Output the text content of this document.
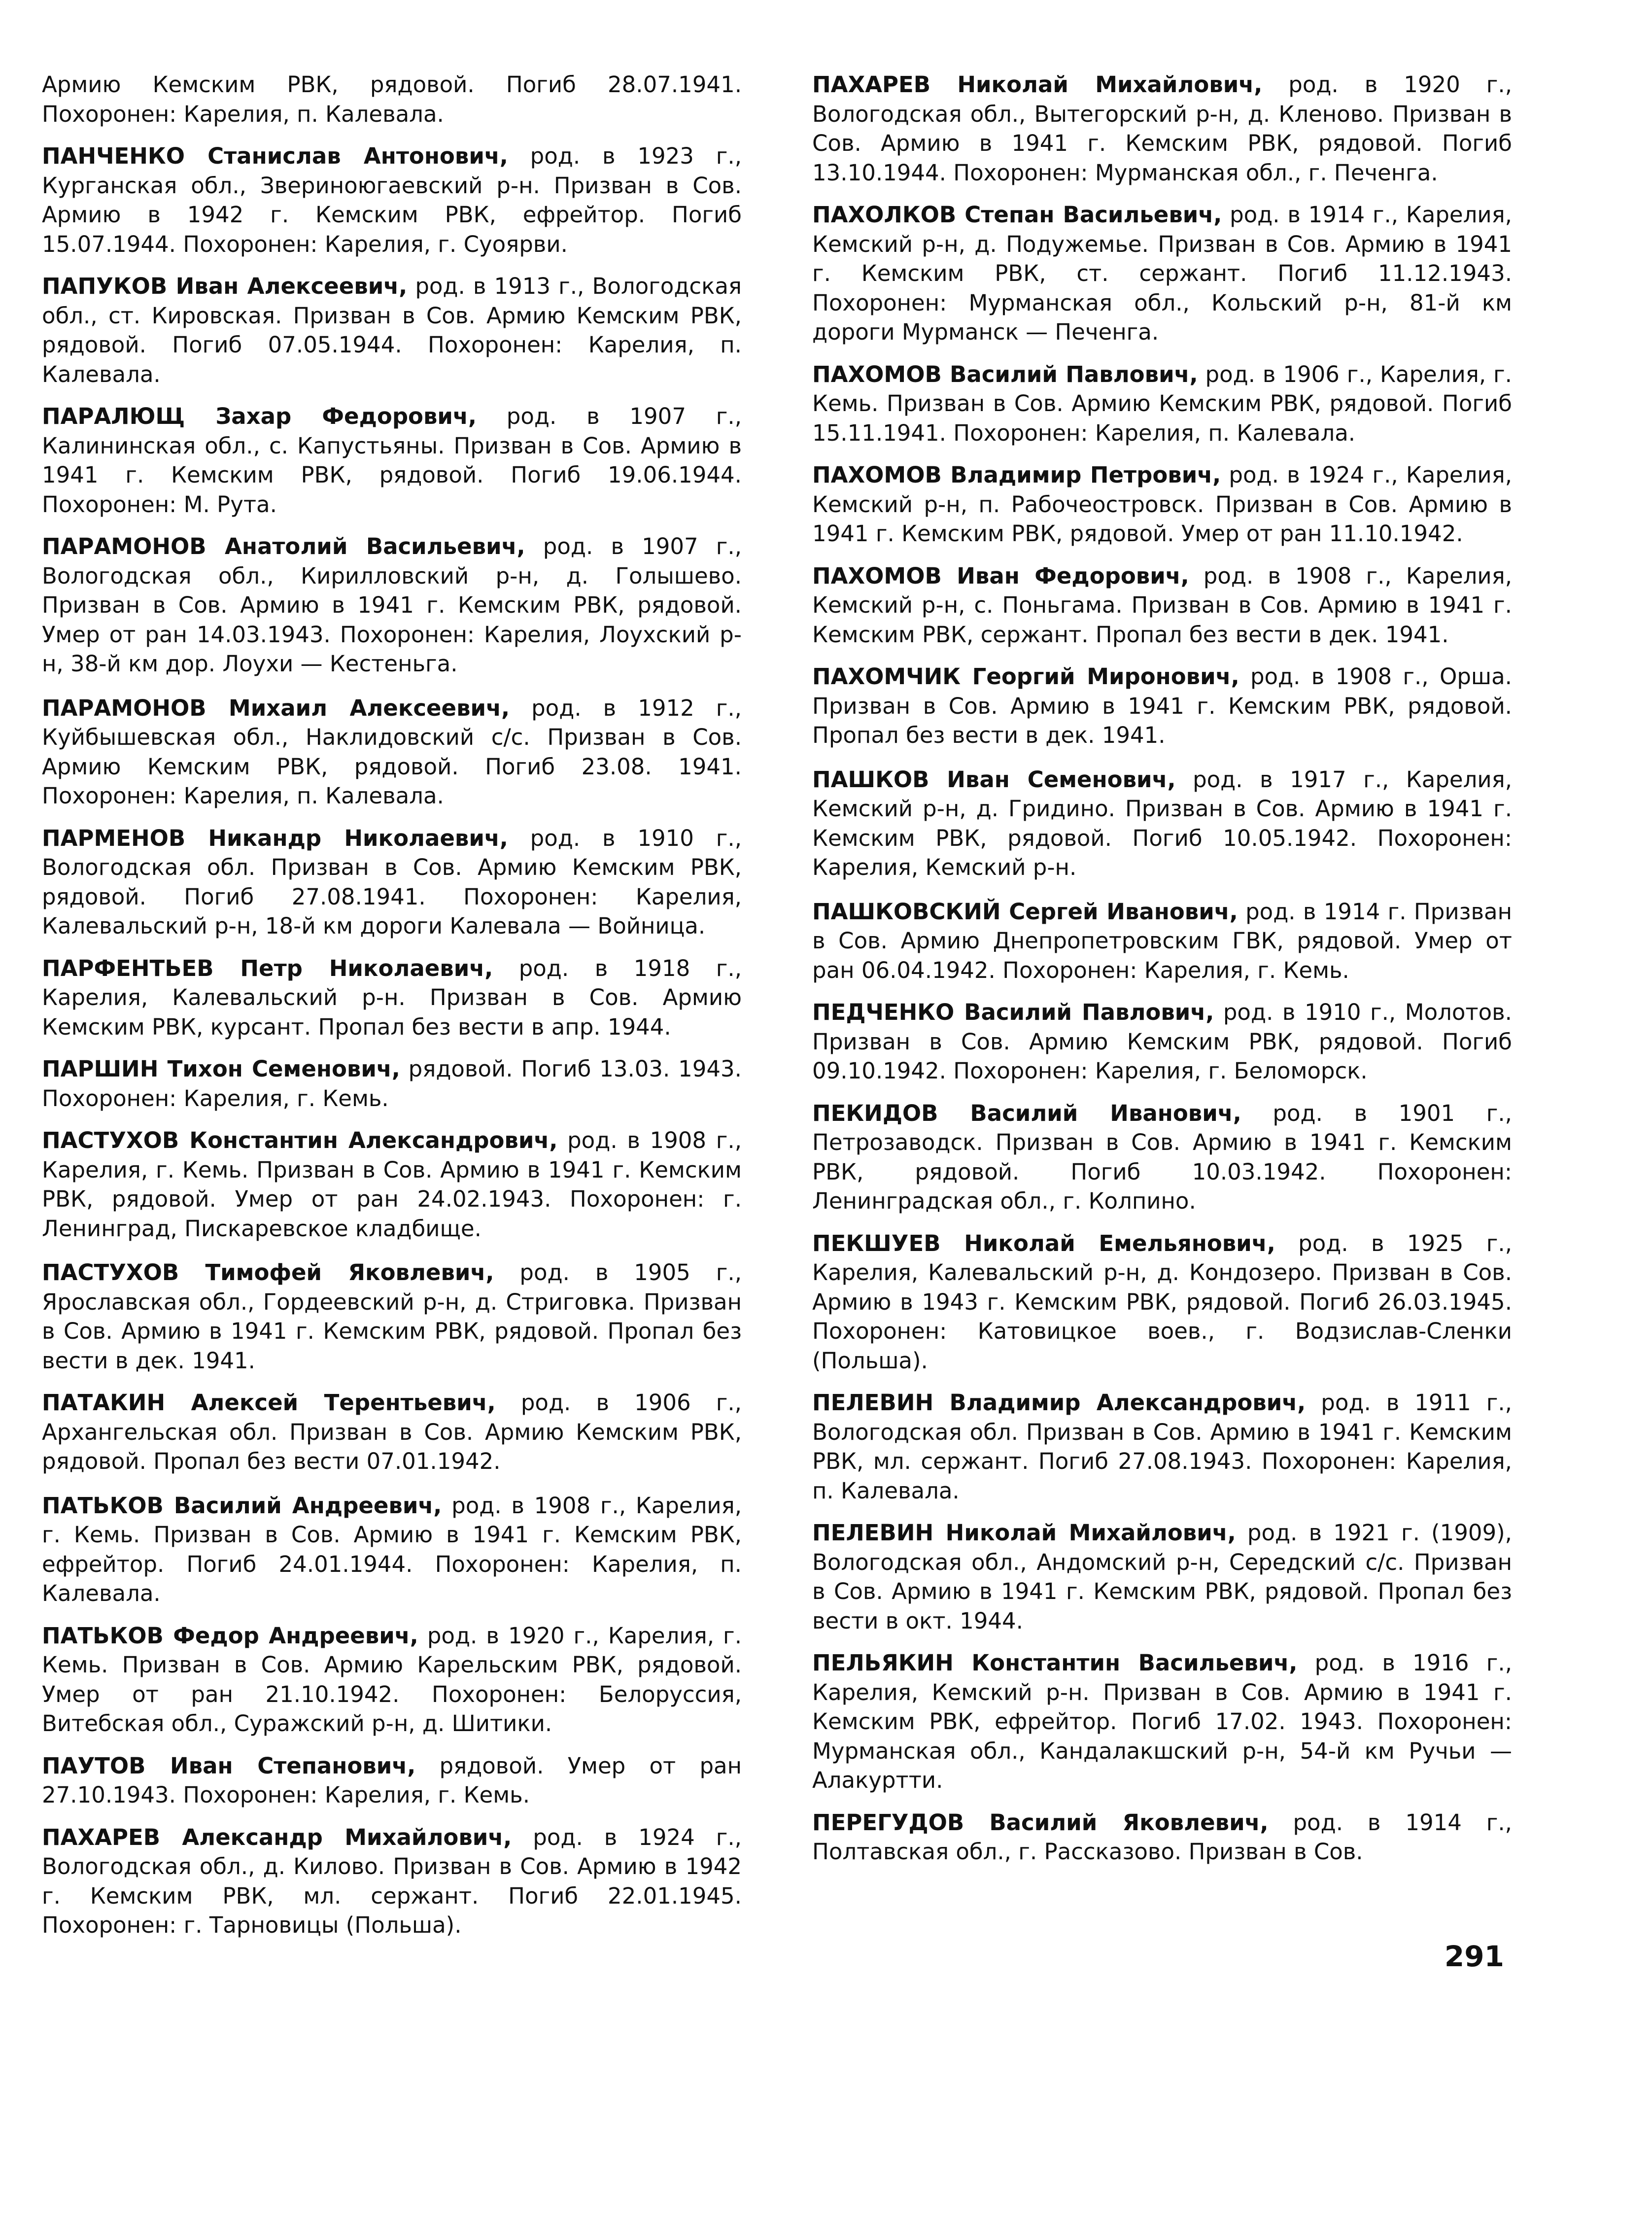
Армию Кемским РВК, рядовой. Погиб 28.07.1941. Похоронен: Карелия, п. Калевала.

ПАНЧЕНКО Станислав Антонович, род. в 1923 г., Курганская обл., Звериноюгаевский р-н. Призван в Сов. Армию в 1942 г. Кемским РВК, ефрейтор. Погиб 15.07.1944. Похоронен: Карелия, г. Суоярви.

ПАПУКОВ Иван Алексеевич, род. в 1913 г., Вологодская обл., ст. Кировская. Призван в Сов. Армию Кемским РВК, рядовой. Погиб 07.05.1944. Похоронен: Карелия, п. Калевала.

ПАРАЛЮЩ Захар Федорович, род. в 1907 г., Калининская обл., с. Капустьяны. Призван в Сов. Армию в 1941 г. Кемским РВК, рядовой. Погиб 19.06.1944. Похоронен: М. Рута.

ПАРАМОНОВ Анатолий Васильевич, род. в 1907 г., Вологодская обл., Кирилловский р-н, д. Голышево. Призван в Сов. Армию в 1941 г. Кемским РВК, рядовой. Умер от ран 14.03.1943. Похоронен: Карелия, Лоухский р-н, 38-й км дор. Лоухи — Кестеньга.

ПАРАМОНОВ Михаил Алексеевич, род. в 1912 г., Куйбышевская обл., Наклидовский с/с. Призван в Сов. Армию Кемским РВК, рядовой. Погиб 23.08. 1941. Похоронен: Карелия, п. Калевала.

ПАРМЕНОВ Никандр Николаевич, род. в 1910 г., Вологодская обл. Призван в Сов. Армию Кемским РВК, рядовой. Погиб 27.08.1941. Похоронен: Карелия, Калевальский р-н, 18-й км дороги Калевала — Войница.

ПАРФЕНТЬЕВ Петр Николаевич, род. в 1918 г., Карелия, Калевальский р-н. Призван в Сов. Армию Кемским РВК, курсант. Пропал без вести в апр. 1944.

ПАРШИН Тихон Семенович, рядовой. Погиб 13.03. 1943. Похоронен: Карелия, г. Кемь.

ПАСТУХОВ Константин Александрович, род. в 1908 г., Карелия, г. Кемь. Призван в Сов. Армию в 1941 г. Кемским РВК, рядовой. Умер от ран 24.02.1943. Похоронен: г. Ленинград, Пискаревское кладбище.

ПАСТУХОВ Тимофей Яковлевич, род. в 1905 г., Ярославская обл., Гордеевский р-н, д. Стриговка. Призван в Сов. Армию в 1941 г. Кемским РВК, рядовой. Пропал без вести в дек. 1941.

ПАТАКИН Алексей Терентьевич, род. в 1906 г., Архангельская обл. Призван в Сов. Армию Кемским РВК, рядовой. Пропал без вести 07.01.1942.

ПАТЬКОВ Василий Андреевич, род. в 1908 г., Карелия, г. Кемь. Призван в Сов. Армию в 1941 г. Кемским РВК, ефрейтор. Погиб 24.01.1944. Похоронен: Карелия, п. Калевала.

ПАТЬКОВ Федор Андреевич, род. в 1920 г., Карелия, г. Кемь. Призван в Сов. Армию Карельским РВК, рядовой. Умер от ран 21.10.1942. Похоронен: Белоруссия, Витебская обл., Суражский р-н, д. Шитики.

ПАУТОВ Иван Степанович, рядовой. Умер от ран 27.10.1943. Похоронен: Карелия, г. Кемь.

ПАХАРЕВ Александр Михайлович, род. в 1924 г., Вологодская обл., д. Килово. Призван в Сов. Армию в 1942 г. Кемским РВК, мл. сержант. Погиб 22.01.1945. Похоронен: г. Тарновицы (Польша).

ПАХАРЕВ Николай Михайлович, род. в 1920 г., Вологодская обл., Вытегорский р-н, д. Кленово. Призван в Сов. Армию в 1941 г. Кемским РВК, рядовой. Погиб 13.10.1944. Похоронен: Мурманская обл., г. Печенга.

ПАХОЛКОВ Степан Васильевич, род. в 1914 г., Карелия, Кемский р-н, д. Подужемье. Призван в Сов. Армию в 1941 г. Кемским РВК, ст. сержант. Погиб 11.12.1943. Похоронен: Мурманская обл., Кольский р-н, 81-й км дороги Мурманск — Печенга.

ПАХОМОВ Василий Павлович, род. в 1906 г., Карелия, г. Кемь. Призван в Сов. Армию Кемским РВК, рядовой. Погиб 15.11.1941. Похоронен: Карелия, п. Калевала.

ПАХОМОВ Владимир Петрович, род. в 1924 г., Карелия, Кемский р-н, п. Рабочеостровск. Призван в Сов. Армию в 1941 г. Кемским РВК, рядовой. Умер от ран 11.10.1942.

ПАХОМОВ Иван Федорович, род. в 1908 г., Карелия, Кемский р-н, с. Поньгама. Призван в Сов. Армию в 1941 г. Кемским РВК, сержант. Пропал без вести в дек. 1941.

ПАХОМЧИК Георгий Миронович, род. в 1908 г., Орша. Призван в Сов. Армию в 1941 г. Кемским РВК, рядовой. Пропал без вести в дек. 1941.

ПАШКОВ Иван Семенович, род. в 1917 г., Карелия, Кемский р-н, д. Гридино. Призван в Сов. Армию в 1941 г. Кемским РВК, рядовой. Погиб 10.05.1942. Похоронен: Карелия, Кемский р-н.

ПАШКОВСКИЙ Сергей Иванович, род. в 1914 г. Призван в Сов. Армию Днепропетровским ГВК, рядовой. Умер от ран 06.04.1942. Похоронен: Карелия, г. Кемь.

ПЕДЧЕНКО Василий Павлович, род. в 1910 г., Молотов. Призван в Сов. Армию Кемским РВК, рядовой. Погиб 09.10.1942. Похоронен: Карелия, г. Беломорск.

ПЕКИДОВ Василий Иванович, род. в 1901 г., Петрозаводск. Призван в Сов. Армию в 1941 г. Кемским РВК, рядовой. Погиб 10.03.1942. Похоронен: Ленинградская обл., г. Колпино.

ПЕКШУЕВ Николай Емельянович, род. в 1925 г., Карелия, Калевальский р-н, д. Кондозеро. Призван в Сов. Армию в 1943 г. Кемским РВК, рядовой. Погиб 26.03.1945. Похоронен: Катовицкое воев., г. Водзислав-Сленки (Польша).

ПЕЛЕВИН Владимир Александрович, род. в 1911 г., Вологодская обл. Призван в Сов. Армию в 1941 г. Кемским РВК, мл. сержант. Погиб 27.08.1943. Похоронен: Карелия, п. Калевала.

ПЕЛЕВИН Николай Михайлович, род. в 1921 г. (1909), Вологодская обл., Андомский р-н, Середский с/с. Призван в Сов. Армию в 1941 г. Кемским РВК, рядовой. Пропал без вести в окт. 1944.

ПЕЛЬЯКИН Константин Васильевич, род. в 1916 г., Карелия, Кемский р-н. Призван в Сов. Армию в 1941 г. Кемским РВК, ефрейтор. Погиб 17.02. 1943. Похоронен: Мурманская обл., Кандалакшский р-н, 54-й км Ручьи — Алакуртти.

ПЕРЕГУДОВ Василий Яковлевич, род. в 1914 г., Полтавская обл., г. Рассказово. Призван в Сов.

291
